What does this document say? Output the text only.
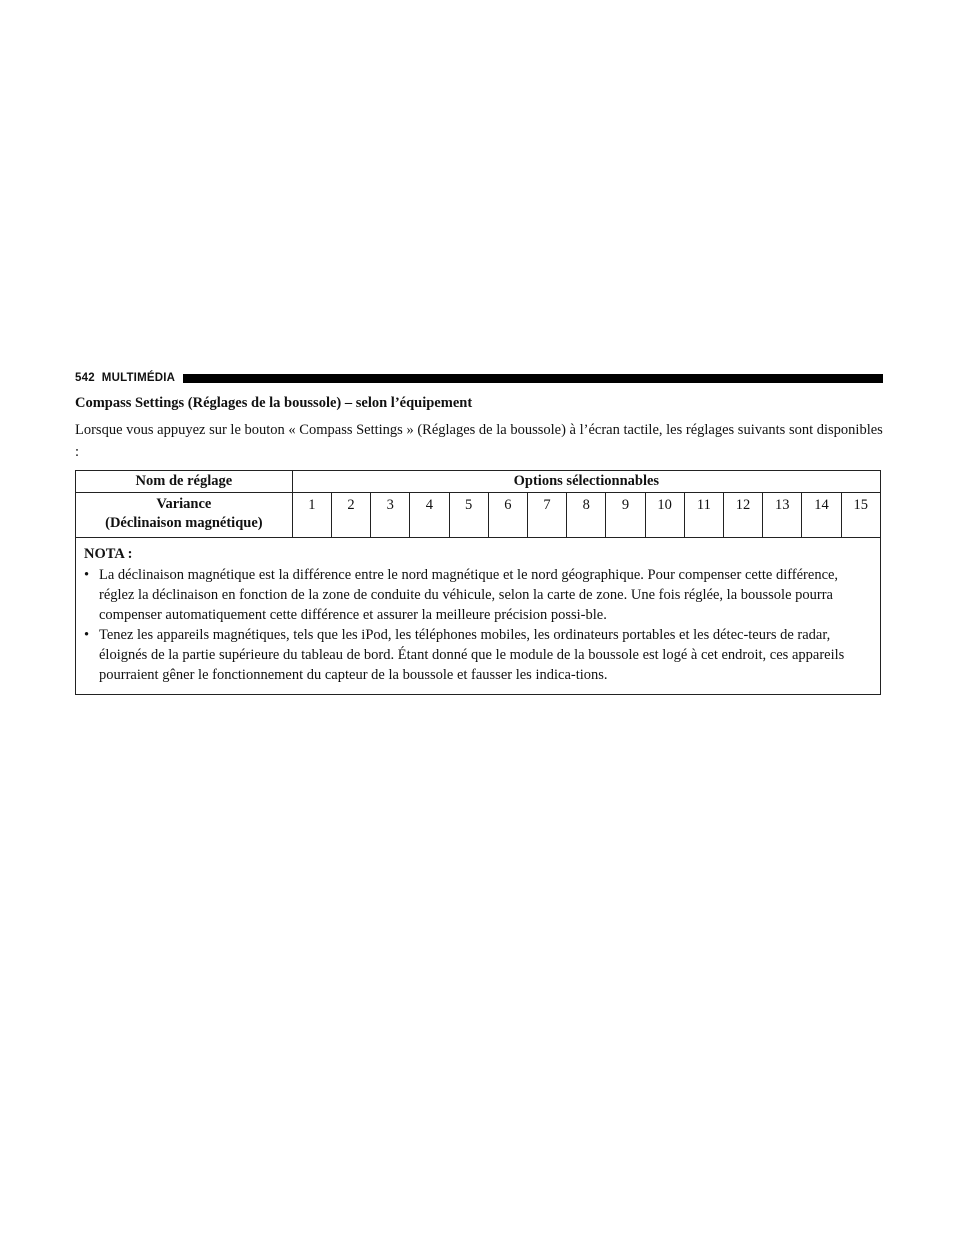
542 MULTIMÉDIA
Compass Settings (Réglages de la boussole) – selon l’équipement
Lorsque vous appuyez sur le bouton « Compass Settings » (Réglages de la boussole) à l’écran tactile, les réglages suivants sont disponibles :
Nom de réglage	Options sélectionnables														

Variance
(Déclinaison magnétique)	1	2	3	4	5	6	7	8	9	10	11	12	13	14	15

NOTA :
• La déclinaison magnétique est la différence entre le nord magnétique et le nord géographique. Pour compenser cette différence, réglez la déclinaison en fonction de la zone de conduite du véhicule, selon la carte de zone. Une fois réglée, la boussole pourra compenser automatiquement cette différence et assurer la meilleure précision possi-ble.
• Tenez les appareils magnétiques, tels que les iPod, les téléphones mobiles, les ordinateurs portables et les détec-teurs de radar, éloignés de la partie supérieure du tableau de bord. Étant donné que le module de la boussole est logé à cet endroit, ces appareils pourraient gêner le fonctionnement du capteur de la boussole et fausser les indica-tions.															
